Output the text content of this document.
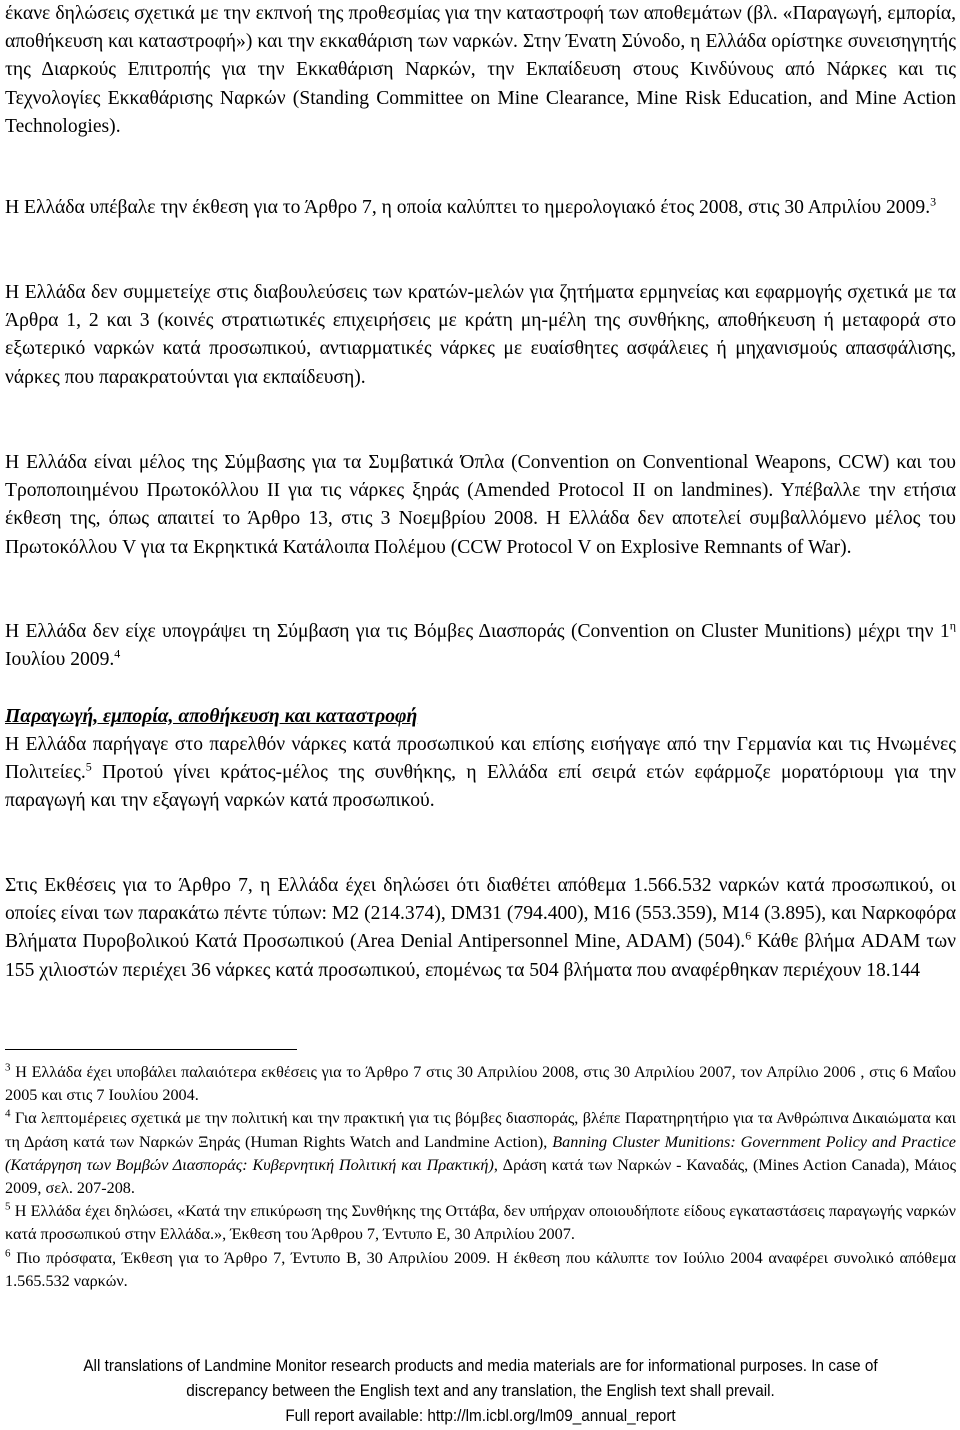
έκανε δηλώσεις σχετικά με την εκπνοή της προθεσμίας για την καταστροφή των αποθεμάτων (βλ. «Παραγωγή, εμπορία, αποθήκευση και καταστροφή») και την εκκαθάριση των ναρκών. Στην Ένατη Σύνοδο, η Ελλάδα ορίστηκε συνεισηγητής της Διαρκούς Επιτροπής για την Εκκαθάριση Ναρκών, την Εκπαίδευση στους Κινδύνους από Νάρκες και τις Τεχνολογίες Εκκαθάρισης Ναρκών (Standing Committee on Mine Clearance, Mine Risk Education, and Mine Action Technologies).

Η Ελλάδα υπέβαλε την έκθεση για το Άρθρο 7, η οποία καλύπτει το ημερολογιακό έτος 2008, στις 30 Απριλίου 2009.$^3$

Η Ελλάδα δεν συμμετείχε στις διαβουλεύσεις των κρατών-μελών για ζητήματα ερμηνείας και εφαρμογής σχετικά με τα Άρθρα 1, 2 και 3 (κοινές στρατιωτικές επιχειρήσεις με κράτη μη-μέλη της συνθήκης, αποθήκευση ή μεταφορά στο εξωτερικό ναρκών κατά προσωπικού, αντιαρματικές νάρκες με ευαίσθητες ασφάλειες ή μηχανισμούς απασφάλισης, νάρκες που παρακρατούνται για εκπαίδευση).

Η Ελλάδα είναι μέλος της Σύμβασης για τα Συμβατικά Όπλα (Convention on Conventional Weapons, CCW) και του Τροποποιημένου Πρωτοκόλλου II για τις νάρκες ξηράς (Amended Protocol II on landmines). Υπέβαλλε την ετήσια έκθεση της, όπως απαιτεί το Άρθρο 13, στις 3 Νοεμβρίου 2008. Η Ελλάδα δεν αποτελεί συμβαλλόμενο μέλος του Πρωτοκόλλου V για τα Εκρηκτικά Κατάλοιπα Πολέμου (CCW Protocol V on Explosive Remnants of War).

Η Ελλάδα δεν είχε υπογράψει τη Σύμβαση για τις Βόμβες Διασποράς (Convention on Cluster Munitions) μέχρι την $1^\eta$ Ιουλίου 2009.$^4$

Παραγωγή, εμπορία, αποθήκευση και καταστροφή

Η Ελλάδα παρήγαγε στο παρελθόν νάρκες κατά προσωπικού και επίσης εισήγαγε από την Γερμανία και τις Ηνωμένες Πολιτείες.$^5$ Προτού γίνει κράτος-μέλος της συνθήκης, η Ελλάδα επί σειρά ετών εφάρμοζε μορατόριουμ για την παραγωγή και την εξαγωγή ναρκών κατά προσωπικού.

Στις Εκθέσεις για το Άρθρο 7, η Ελλάδα έχει δηλώσει ότι διαθέτει απόθεμα 1.566.532 ναρκών κατά προσωπικού, οι οποίες είναι των παρακάτω πέντε τύπων: M2 (214.374), DM31 (794.400), M16 (553.359), M14 (3.895), και Ναρκοφόρα Βλήματα Πυροβολικού Κατά Προσωπικού (Area Denial Antipersonnel Mine, ADAM) (504).$^6$ Κάθε βλήμα ADAM των 155 χιλιοστών περιέχει 36 νάρκες κατά προσωπικού, επομένως τα 504 βλήματα που αναφέρθηκαν περιέχουν 18.144

$^3$ Η Ελλάδα έχει υποβάλει παλαιότερα εκθέσεις για το Άρθρο 7 στις 30 Απριλίου 2008, στις 30 Απριλίου 2007, τον Απρίλιο 2006 , στις 6 Μαΐου 2005 και στις 7 Ιουλίου 2004.

$^4$ Για λεπτομέρειες σχετικά με την πολιτική και την πρακτική για τις βόμβες διασποράς, βλέπε Παρατηρητήριο για τα Ανθρώπινα Δικαιώματα και τη Δράση κατά των Ναρκών Ξηράς (Human Rights Watch and Landmine Action), Banning Cluster Munitions: Government Policy and Practice (Κατάργηση των Βομβών Διασποράς: Κυβερνητική Πολιτική και Πρακτική), Δράση κατά των Ναρκών - Καναδάς, (Mines Action Canada), Μάιος 2009, σελ. 207-208.

$^5$ Η Ελλάδα έχει δηλώσει, «Κατά την επικύρωση της Συνθήκης της Οττάβα, δεν υπήρχαν οποιουδήποτε είδους εγκαταστάσεις παραγωγής ναρκών κατά προσωπικού στην Ελλάδα.», Έκθεση του Άρθρου 7, Έντυπο Ε, 30 Απριλίου 2007.

$^6$ Πιο πρόσφατα, Έκθεση για το Άρθρο 7, Έντυπο Β, 30 Απριλίου 2009. Η έκθεση που κάλυπτε τον Ιούλιο 2004 αναφέρει συνολικό απόθεμα 1.565.532 ναρκών.

All translations of Landmine Monitor research products and media materials are for informational purposes. In case of
discrepancy between the English text and any translation, the English text shall prevail.
Full report available: http://lm.icbl.org/lm09_annual_report
